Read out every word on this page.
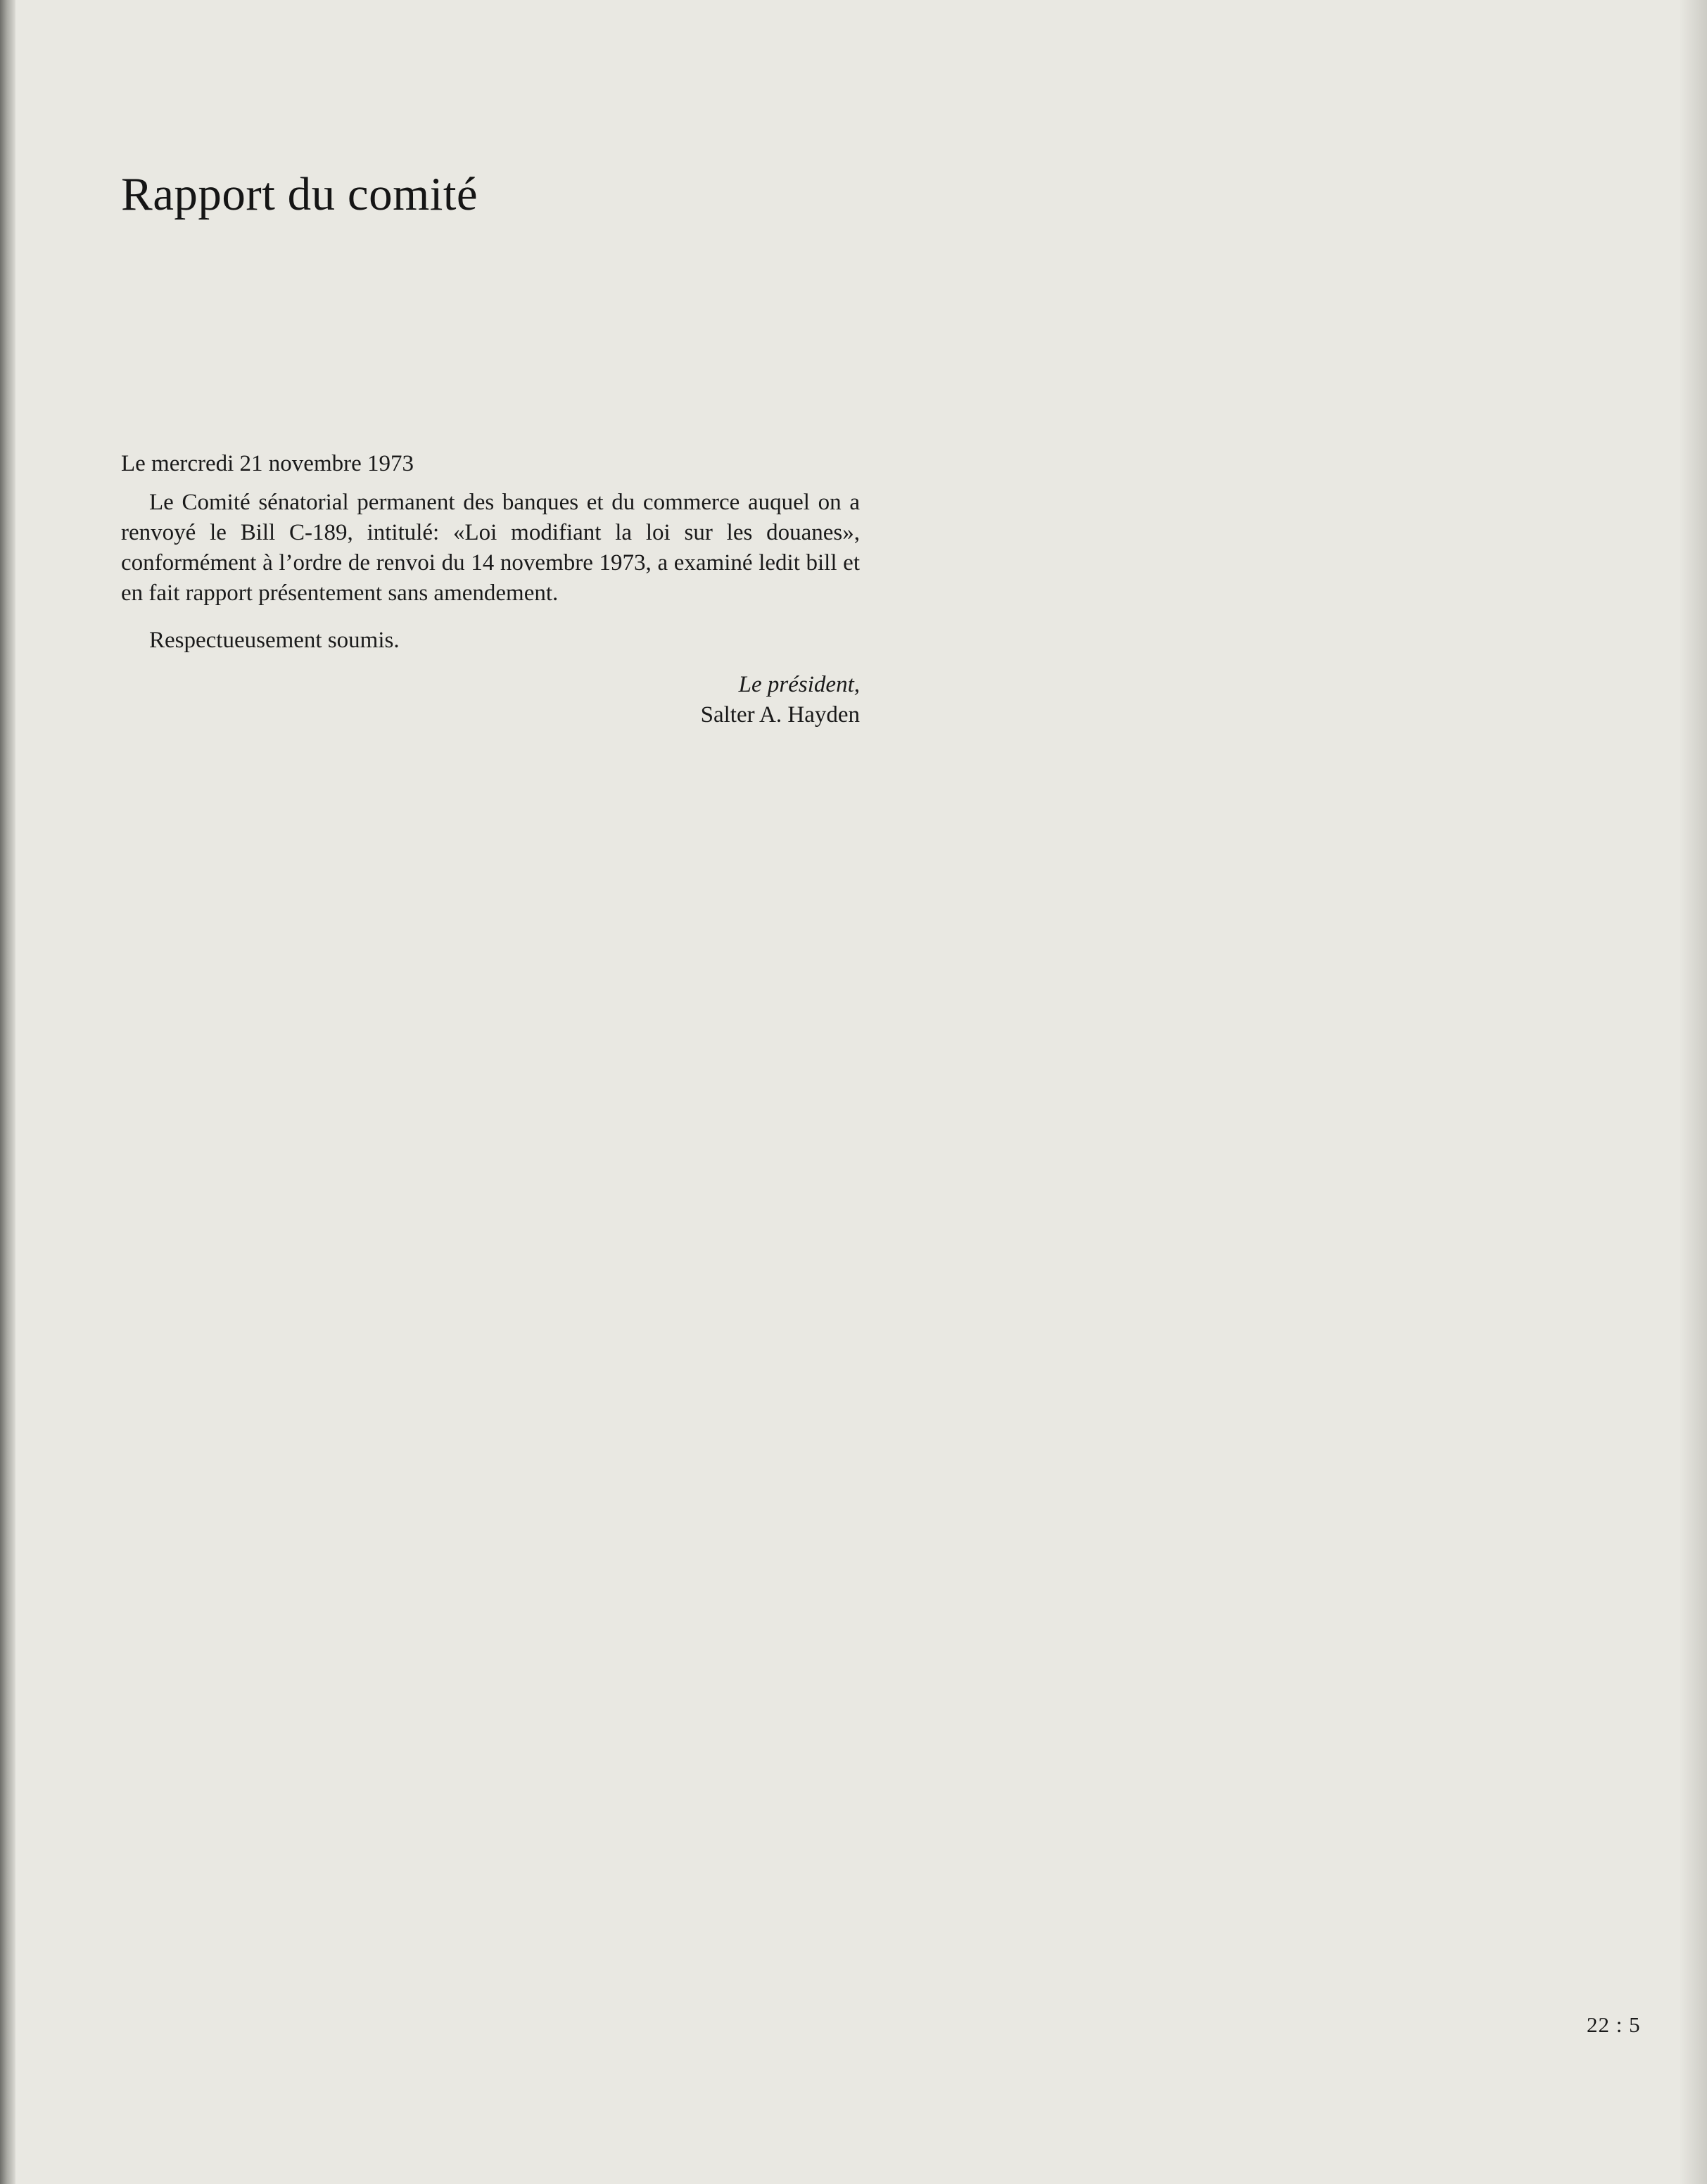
Rapport du comité

Le mercredi 21 novembre 1973

Le Comité sénatorial permanent des banques et du commerce auquel on a renvoyé le Bill C-189, intitulé: «Loi modifiant la loi sur les douanes», conformément à l’ordre de renvoi du 14 novembre 1973, a examiné ledit bill et en fait rapport présentement sans amendement.

Respectueusement soumis.

Le président,
Salter A. Hayden
22 : 5
